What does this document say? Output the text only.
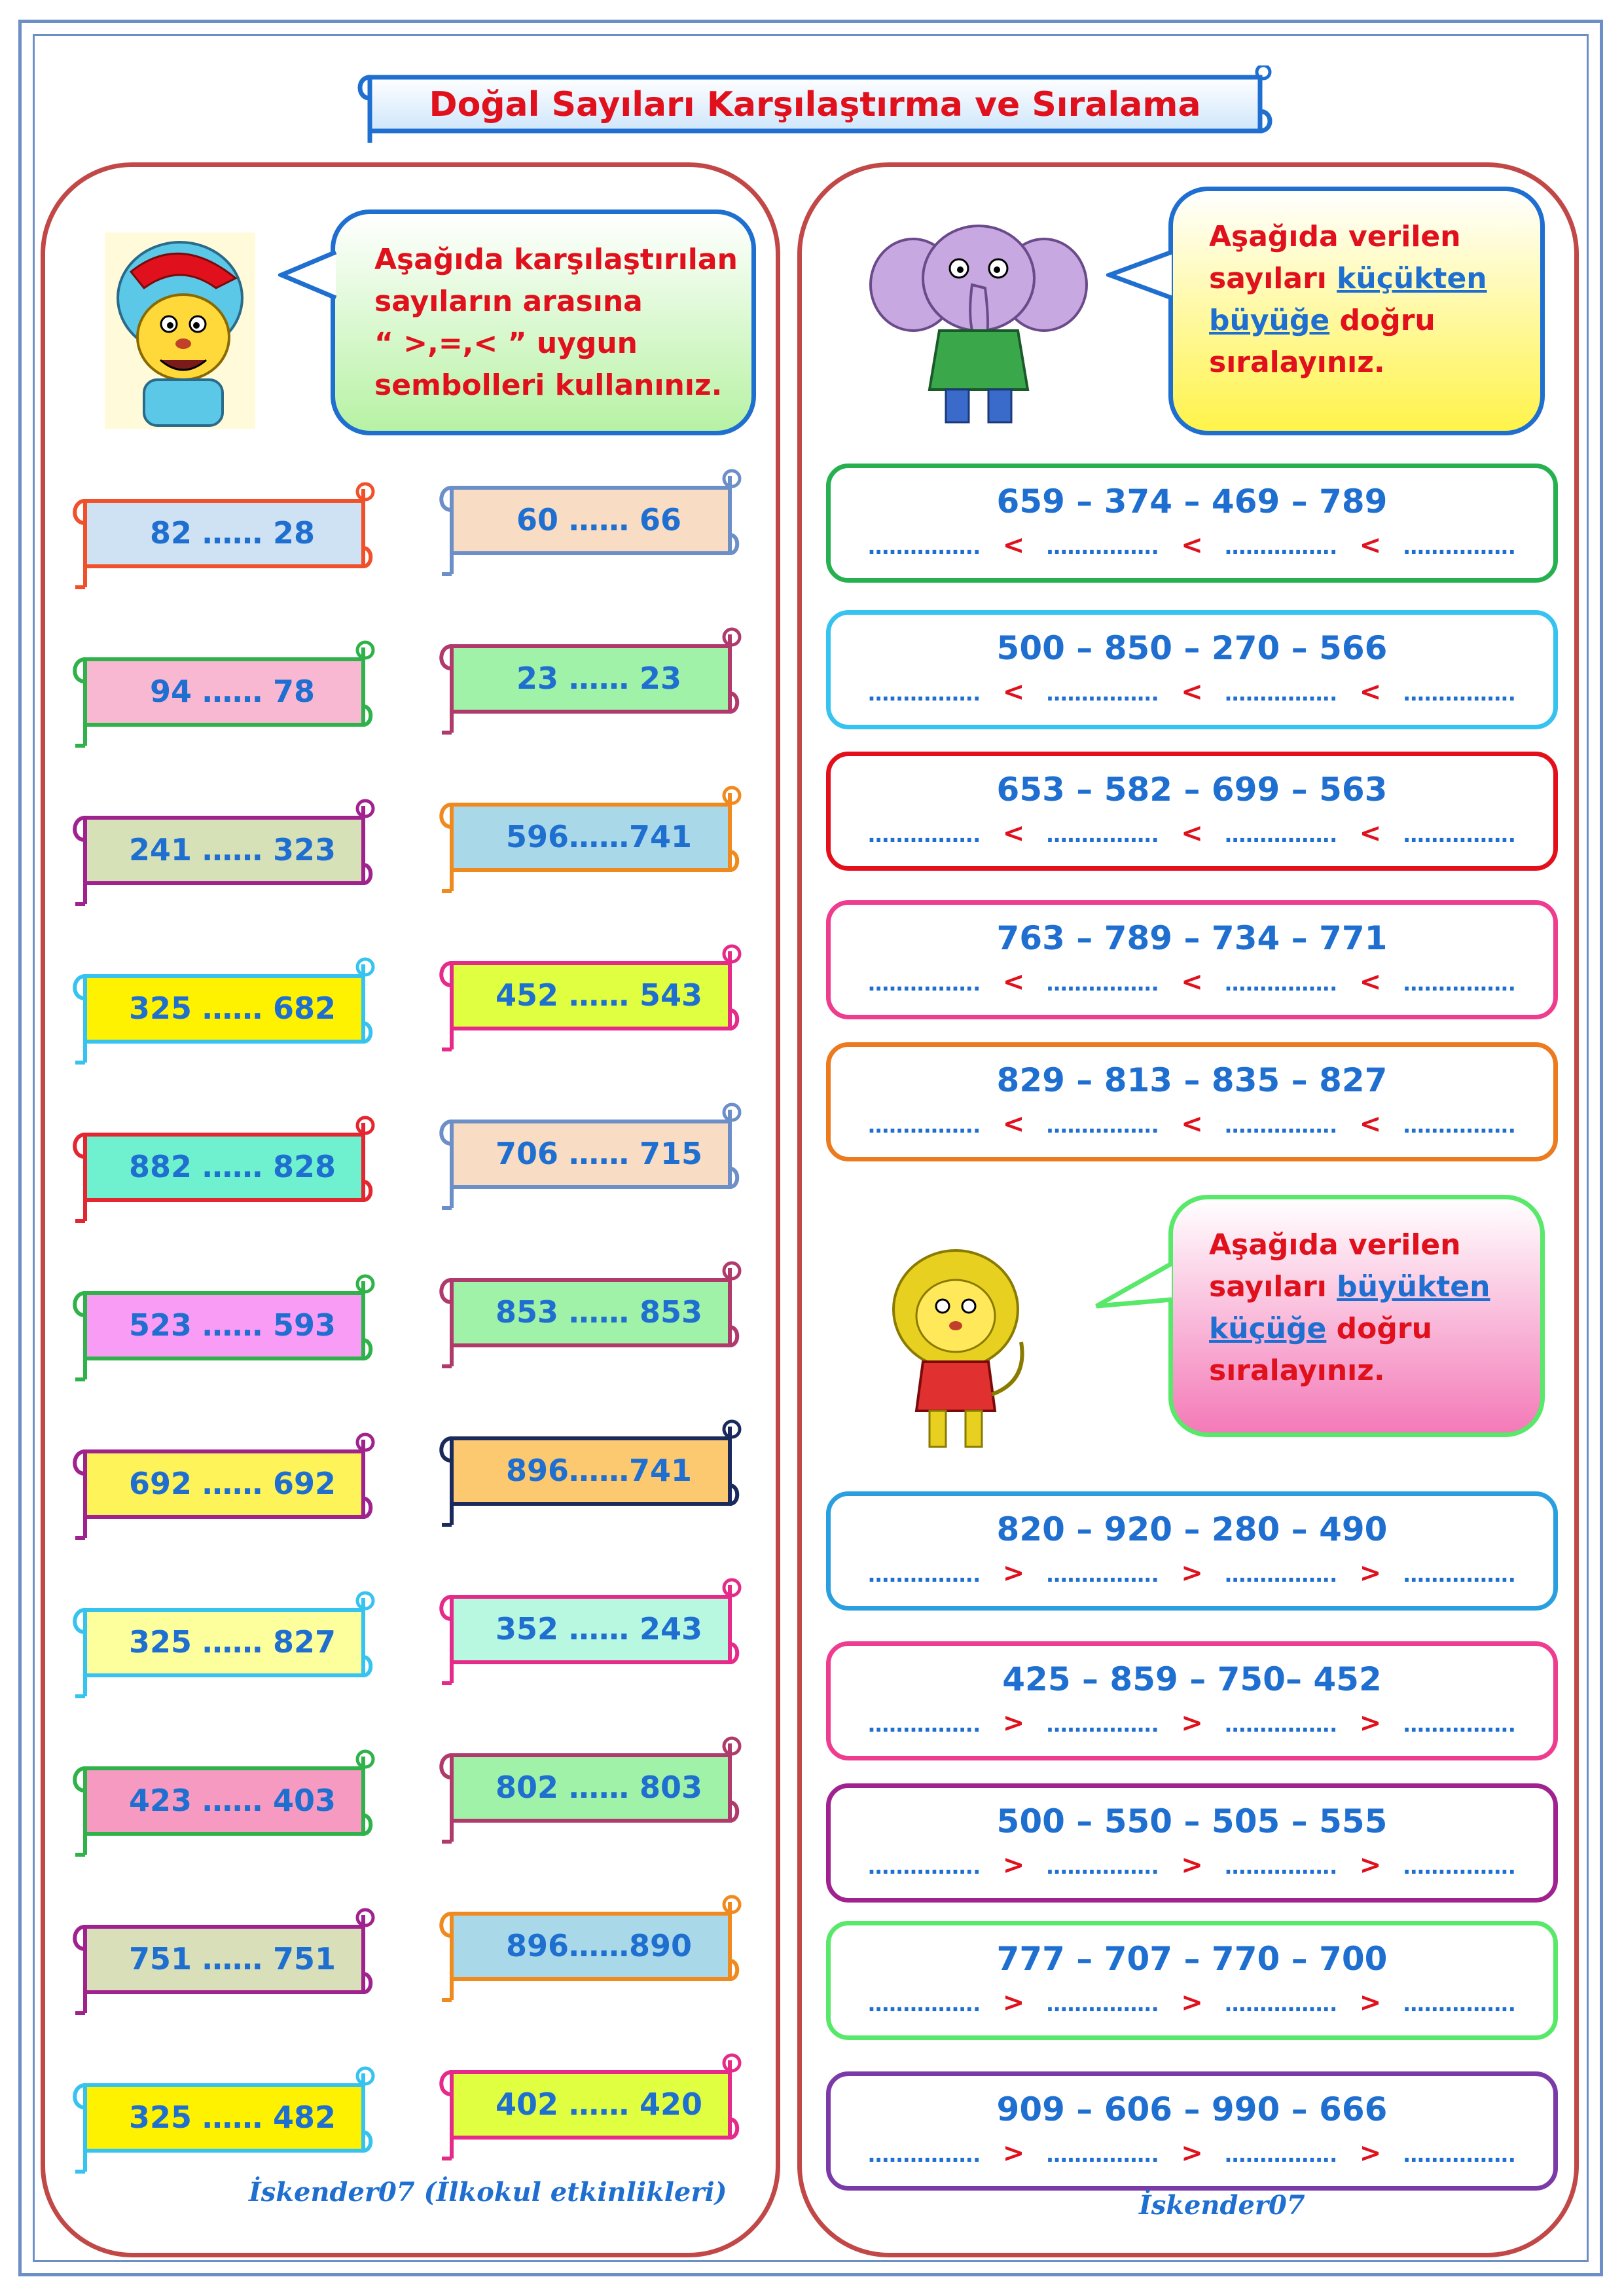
Doğal Sayıları Karşılaştırma ve Sıralama
Aşağıda karşılaştırılan
sayıların arasına
“ >,=,< ” uygun
sembolleri kullanınız.
Aşağıda verilen
sayıları küçükten
büyüğe doğru
sıralayınız.
Aşağıda verilen
sayıları büyükten
küçüğe doğru
sıralayınız.
82 …… 28
94 …… 78
241 …… 323
325 …… 682
882 …… 828
523 …… 593
692 …… 692
325 …… 827
423 …… 403
751 …… 751
325 …… 482
60 …… 66
23 …… 23
596……741
452 …… 543
706 …… 715
853 …… 853
896……741
352 …… 243
802 …… 803
896……890
402 …… 420
659 – 374 – 469 – 789
……………. < ……………. < ……………. < …………….
500 – 850 – 270 – 566
……………. < ……………. < ……………. < …………….
653 – 582 – 699 – 563
……………. < ……………. < ……………. < …………….
763 – 789 – 734 – 771
……………. < ……………. < ……………. < …………….
829 – 813 – 835 – 827
……………. < ……………. < ……………. < …………….
820 – 920 – 280 – 490
……………. > ……………. > ……………. > …………….
425 – 859 – 750– 452
……………. > ……………. > ……………. > …………….
500 – 550 – 505 – 555
……………. > ……………. > ……………. > …………….
777 – 707 – 770 – 700
……………. > ……………. > ……………. > …………….
909 – 606 – 990 – 666
……………. > ……………. > ……………. > …………….
İskender07 (İlkokul etkinlikleri)	İskender07
